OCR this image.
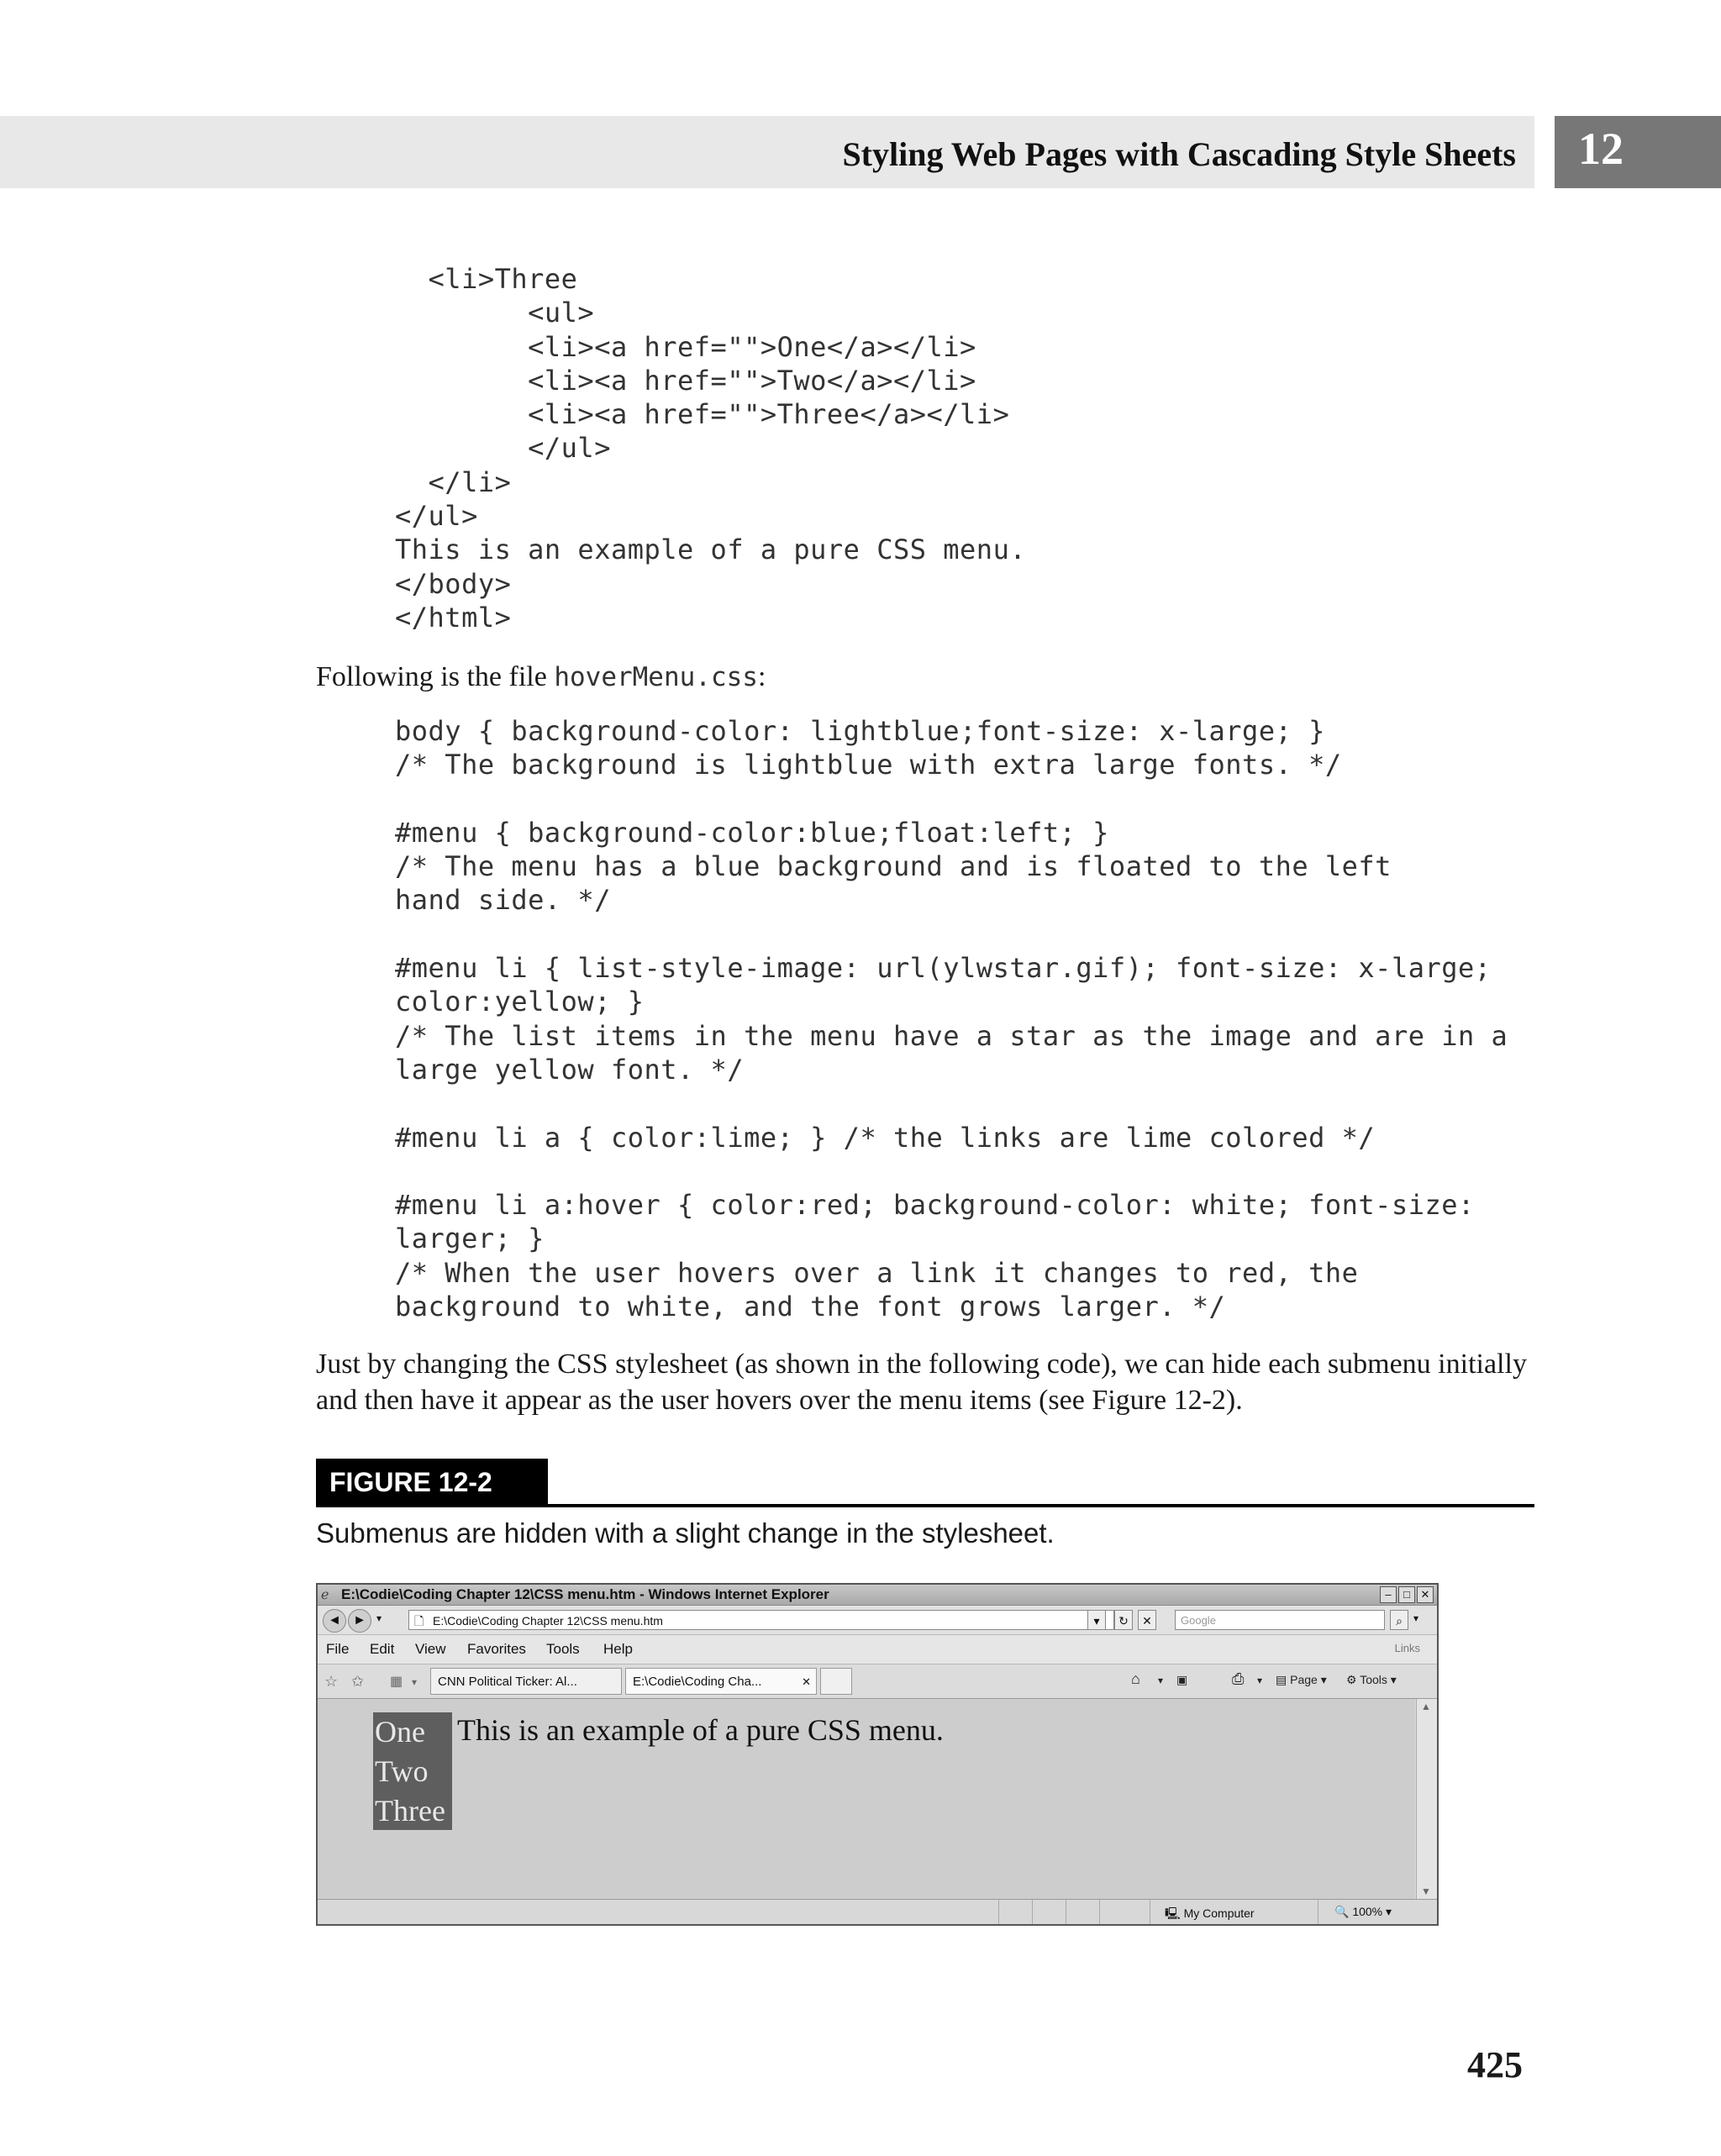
Styling Web Pages with Cascading Style Sheets 12
<li>Three
<ul>
<li><a href="">One</a></li>
<li><a href="">Two</a></li>
<li><a href="">Three</a></li>
</ul>
</li>
</ul>
This is an example of a pure CSS menu.
</body>
</html>
Following is the file hoverMenu.css:
body { background-color: lightblue;font-size: x-large; }
/* The background is lightblue with extra large fonts. */

#menu { background-color:blue;float:left; }
/* The menu has a blue background and is floated to the left
hand side. */

#menu li { list-style-image: url(ylwstar.gif); font-size: x-large;
color:yellow; }
/* The list items in the menu have a star as the image and are in a
large yellow font. */

#menu li a { color:lime; } /* the links are lime colored */

#menu li a:hover { color:red; background-color: white; font-size:
larger; }
/* When the user hovers over a link it changes to red, the
background to white, and the font grows larger. */
Just by changing the CSS stylesheet (as shown in the following code), we can hide each submenu initially and then have it appear as the user hovers over the menu items (see Figure 12-2).
FIGURE 12-2
Submenus are hidden with a slight change in the stylesheet.
ℯ E:\Codie\Coding Chapter 12\CSS menu.htm - Windows Internet Explorer	–	□ ✕
◄ ►	▾	🗋 E:\Codie\Coding Chapter 12\CSS menu.htm	▾	↻	✕	Google	⌕	▾
File Edit View Favorites Tools Help	Links
☆ ✩ ▦ ▾	CNN Political Ticker: Al...	E:\Codie\Coding Cha...	✕	⌂ ▾ ▣	⎙ ▾ ▤ Page ▾ ⚙ Tools ▾
One
Two
Three
This is an example of a pure CSS menu.
▲
▼
🖳 My Computer	🔍 100% ▾
425
